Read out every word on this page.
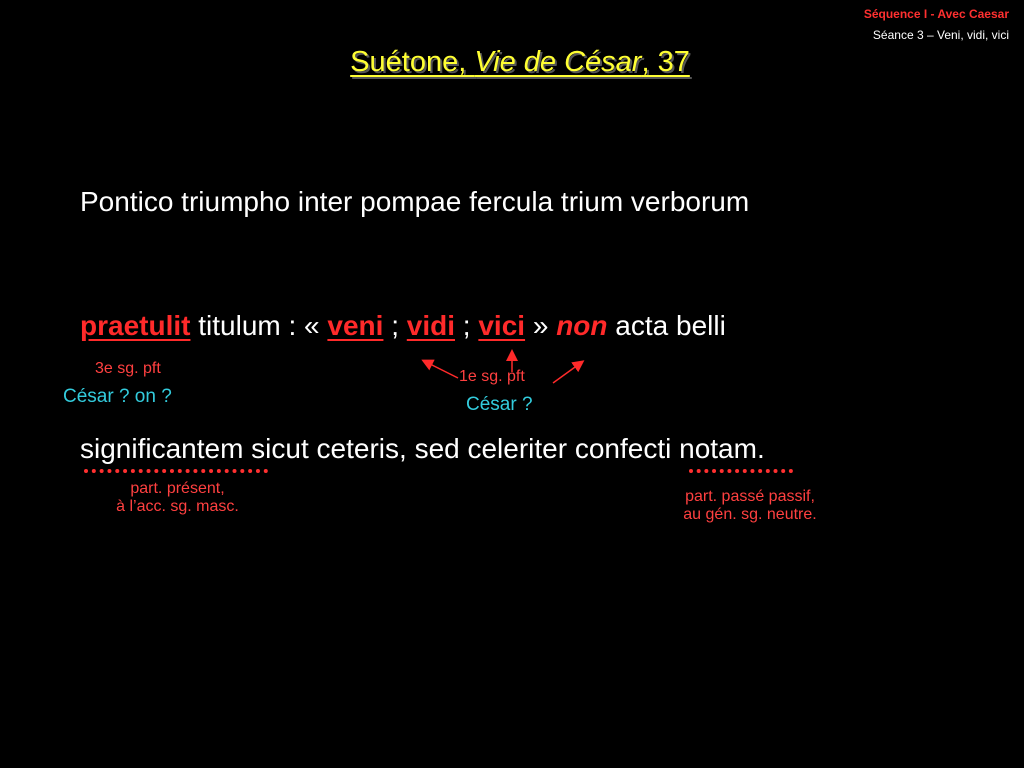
Séquence I - Avec Caesar
Séance 3 – Veni, vidi, vici
Suétone, Vie de César, 37
Pontico triumpho inter pompae fercula trium verborum
praetulit titulum : « veni ; vidi ; vici » non acta belli
3e sg. pft
César ? on ?
1e sg. pft
César ?
significantem sicut ceteris, sed celeriter confecti notam.
part. présent,
à l’acc. sg. masc.
part. passé passif,
au gén. sg. neutre.
